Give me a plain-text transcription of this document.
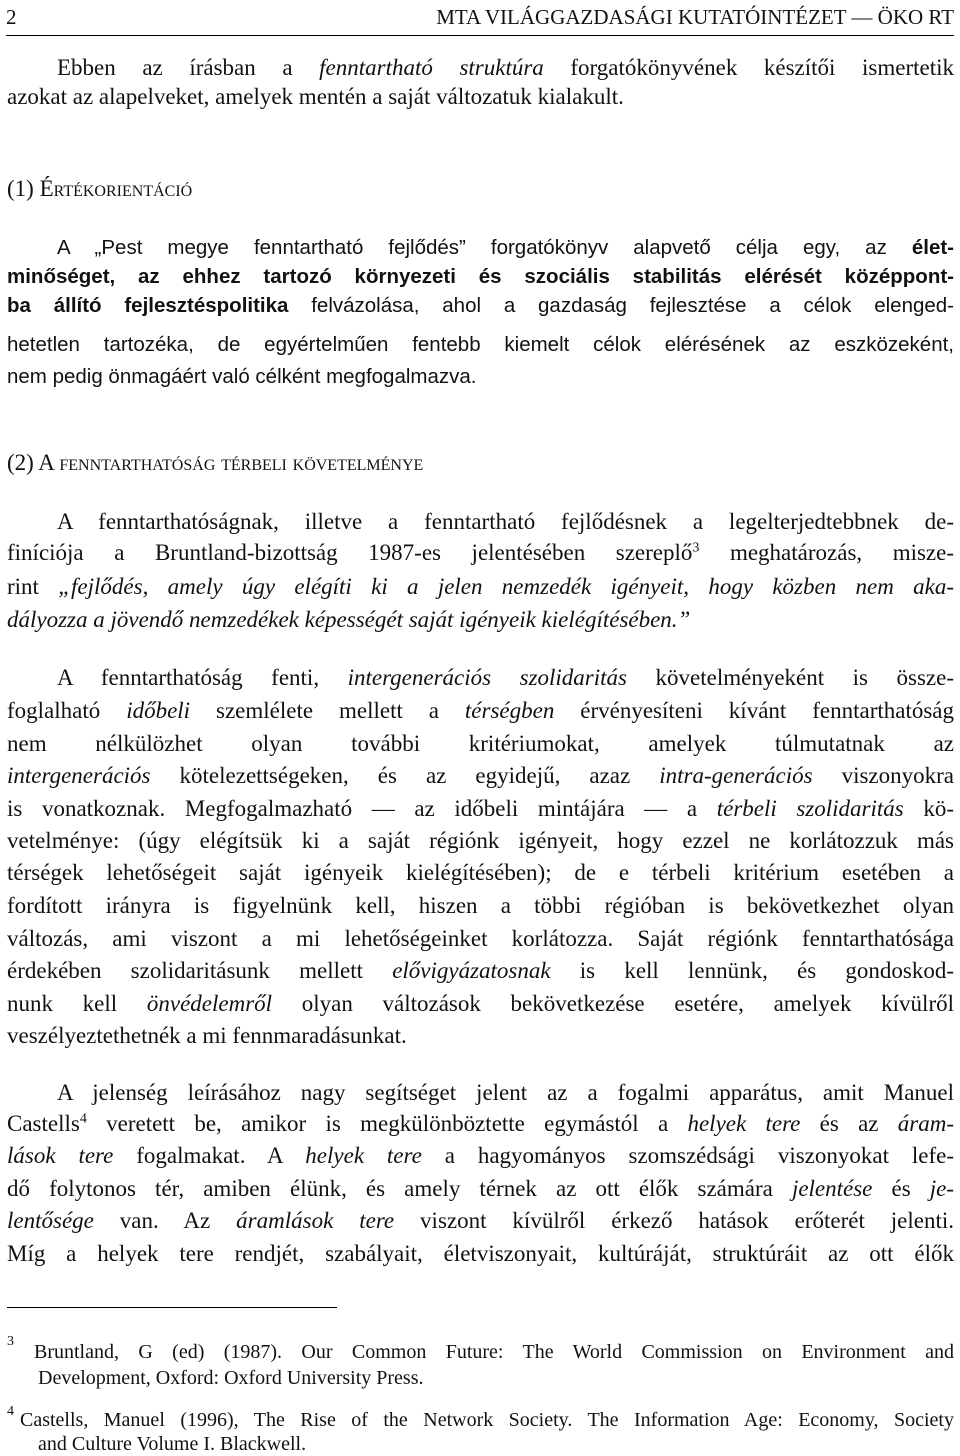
2	MTA VILÁGGAZDASÁGI KUTATÓINTÉZET — ÖKO RT
Ebben az írásban a fenntartható struktúra forgatókönyvének készítői ismertetik
azokat az alapelveket, amelyek mentén a saját változatuk kialakult.
(1) Értékorientáció
A „Pest megye fenntartható fejlődés” forgatókönyv alapvető célja egy, az élet-
minőséget, az ehhez tartozó környezeti és szociális stabilitás elérését középpont-
ba állító fejlesztéspolitika felvázolása, ahol a gazdaság fejlesztése a célok elenged-
hetetlen tartozéka, de egyértelműen fentebb kiemelt célok elérésének az eszközeként,
nem pedig önmagáért való célként megfogalmazva.
(2) A fenntarthatóság térbeli követelménye
A fenntarthatóságnak, illetve a fenntartható fejlődésnek a legelterjedtebbnek de-
finíciója a Bruntland-bizottság 1987-es jelentésében szereplő$^3$ meghatározás, misze-
rint „fejlődés, amely úgy elégíti ki a jelen nemzedék igényeit, hogy közben nem aka-
dályozza a jövendő nemzedékek képességét saját igényeik kielégítésében.”
A fenntarthatóság fenti, intergenerációs szolidaritás követelményeként is össze-
foglalható időbeli szemlélete mellett a térségben érvényesíteni kívánt fenntarthatóság
nem nélkülözhet olyan további kritériumokat, amelyek túlmutatnak az
intergenerációs kötelezettségeken, és az egyidejű, azaz intra-generációs viszonyokra
is vonatkoznak. Megfogalmazható — az időbeli mintájára — a térbeli szolidaritás kö-
vetelménye: (úgy elégítsük ki a saját régiónk igényeit, hogy ezzel ne korlátozzuk más
térségek lehetőségeit saját igényeik kielégítésében); de e térbeli kritérium esetében a
fordított irányra is figyelnünk kell, hiszen a többi régióban is bekövetkezhet olyan
változás, ami viszont a mi lehetőségeinket korlátozza. Saját régiónk fenntarthatósága
érdekében szolidaritásunk mellett elővigyázatosnak is kell lennünk, és gondoskod-
nunk kell önvédelemről olyan változások bekövetkezése esetére, amelyek kívülről
veszélyeztethetnék a mi fennmaradásunkat.
A jelenség leírásához nagy segítséget jelent az a fogalmi apparátus, amit Manuel
Castells$^4$ veretett be, amikor is megkülönböztette egymástól a helyek tere és az áram-
lások tere fogalmakat. A helyek tere a hagyományos szomszédsági viszonyokat lefe-
dő folytonos tér, amiben élünk, és amely térnek az ott élők számára jelentése és je-
lentősége van. Az áramlások tere viszont kívülről érkező hatások erőterét jelenti.
Míg a helyek tere rendjét, szabályait, életviszonyait, kultúráját, struktúráit az ott élők
3 Bruntland, G (ed) (1987). Our Common Future: The World Commission on Environment and
Development, Oxford: Oxford University Press.
4 Castells, Manuel (1996), The Rise of the Network Society. The Information Age: Economy, Society
and Culture Volume I. Blackwell.
